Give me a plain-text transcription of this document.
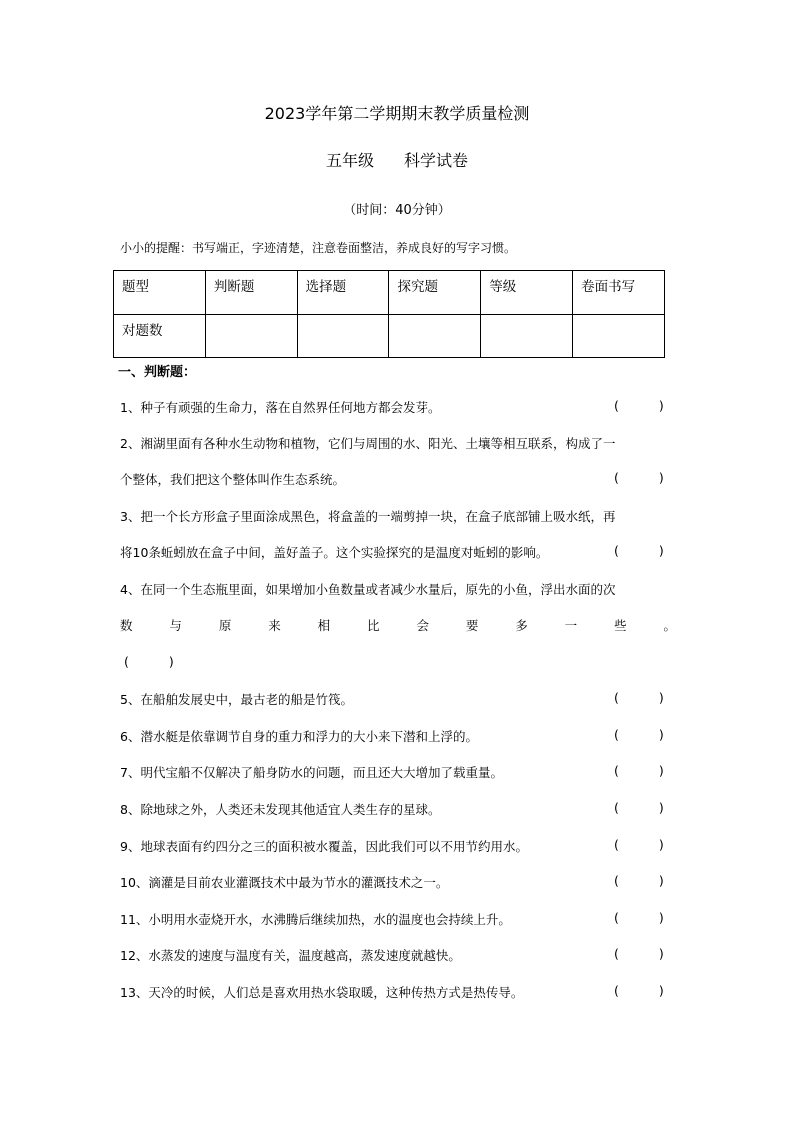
2023学年第二学期期末教学质量检测
五年级 科学试卷
（时间：40分钟）
小小的提醒：书写端正，字迹清楚，注意卷面整洁，养成良好的写字习惯。
题型	判断题	选择题	探究题	等级	卷面书写
对题数					
一、判断题：
1、种子有顽强的生命力，落在自然界任何地方都会发芽。	(	)
2、湘湖里面有各种水生动物和植物，它们与周围的水、阳光、土壤等相互联系，构成了一
个整体，我们把这个整体叫作生态系统。	(	)
3、把一个长方形盒子里面涂成黑色，将盒盖的一端剪掉一块，在盒子底部铺上吸水纸，再
将10条蚯蚓放在盒子中间，盖好盖子。这个实验探究的是温度对蚯蚓的影响。	(	)
4、在同一个生态瓶里面，如果增加小鱼数量或者减少水量后，原先的小鱼，浮出水面的次
数	与	原	来	相	比	会	要	多	一	些	。
(	)
5、在船舶发展史中，最古老的船是竹筏。	(	)
6、潜水艇是依靠调节自身的重力和浮力的大小来下潜和上浮的。	(	)
7、明代宝船不仅解决了船身防水的问题，而且还大大增加了载重量。	(	)
8、除地球之外，人类还未发现其他适宜人类生存的星球。	(	)
9、地球表面有约四分之三的面积被水覆盖，因此我们可以不用节约用水。	(	)
10、滴灌是目前农业灌溉技术中最为节水的灌溉技术之一。	(	)
11、小明用水壶烧开水，水沸腾后继续加热，水的温度也会持续上升。	(	)
12、水蒸发的速度与温度有关，温度越高，蒸发速度就越快。	(	)
13、天冷的时候，人们总是喜欢用热水袋取暖，这种传热方式是热传导。	(	)
